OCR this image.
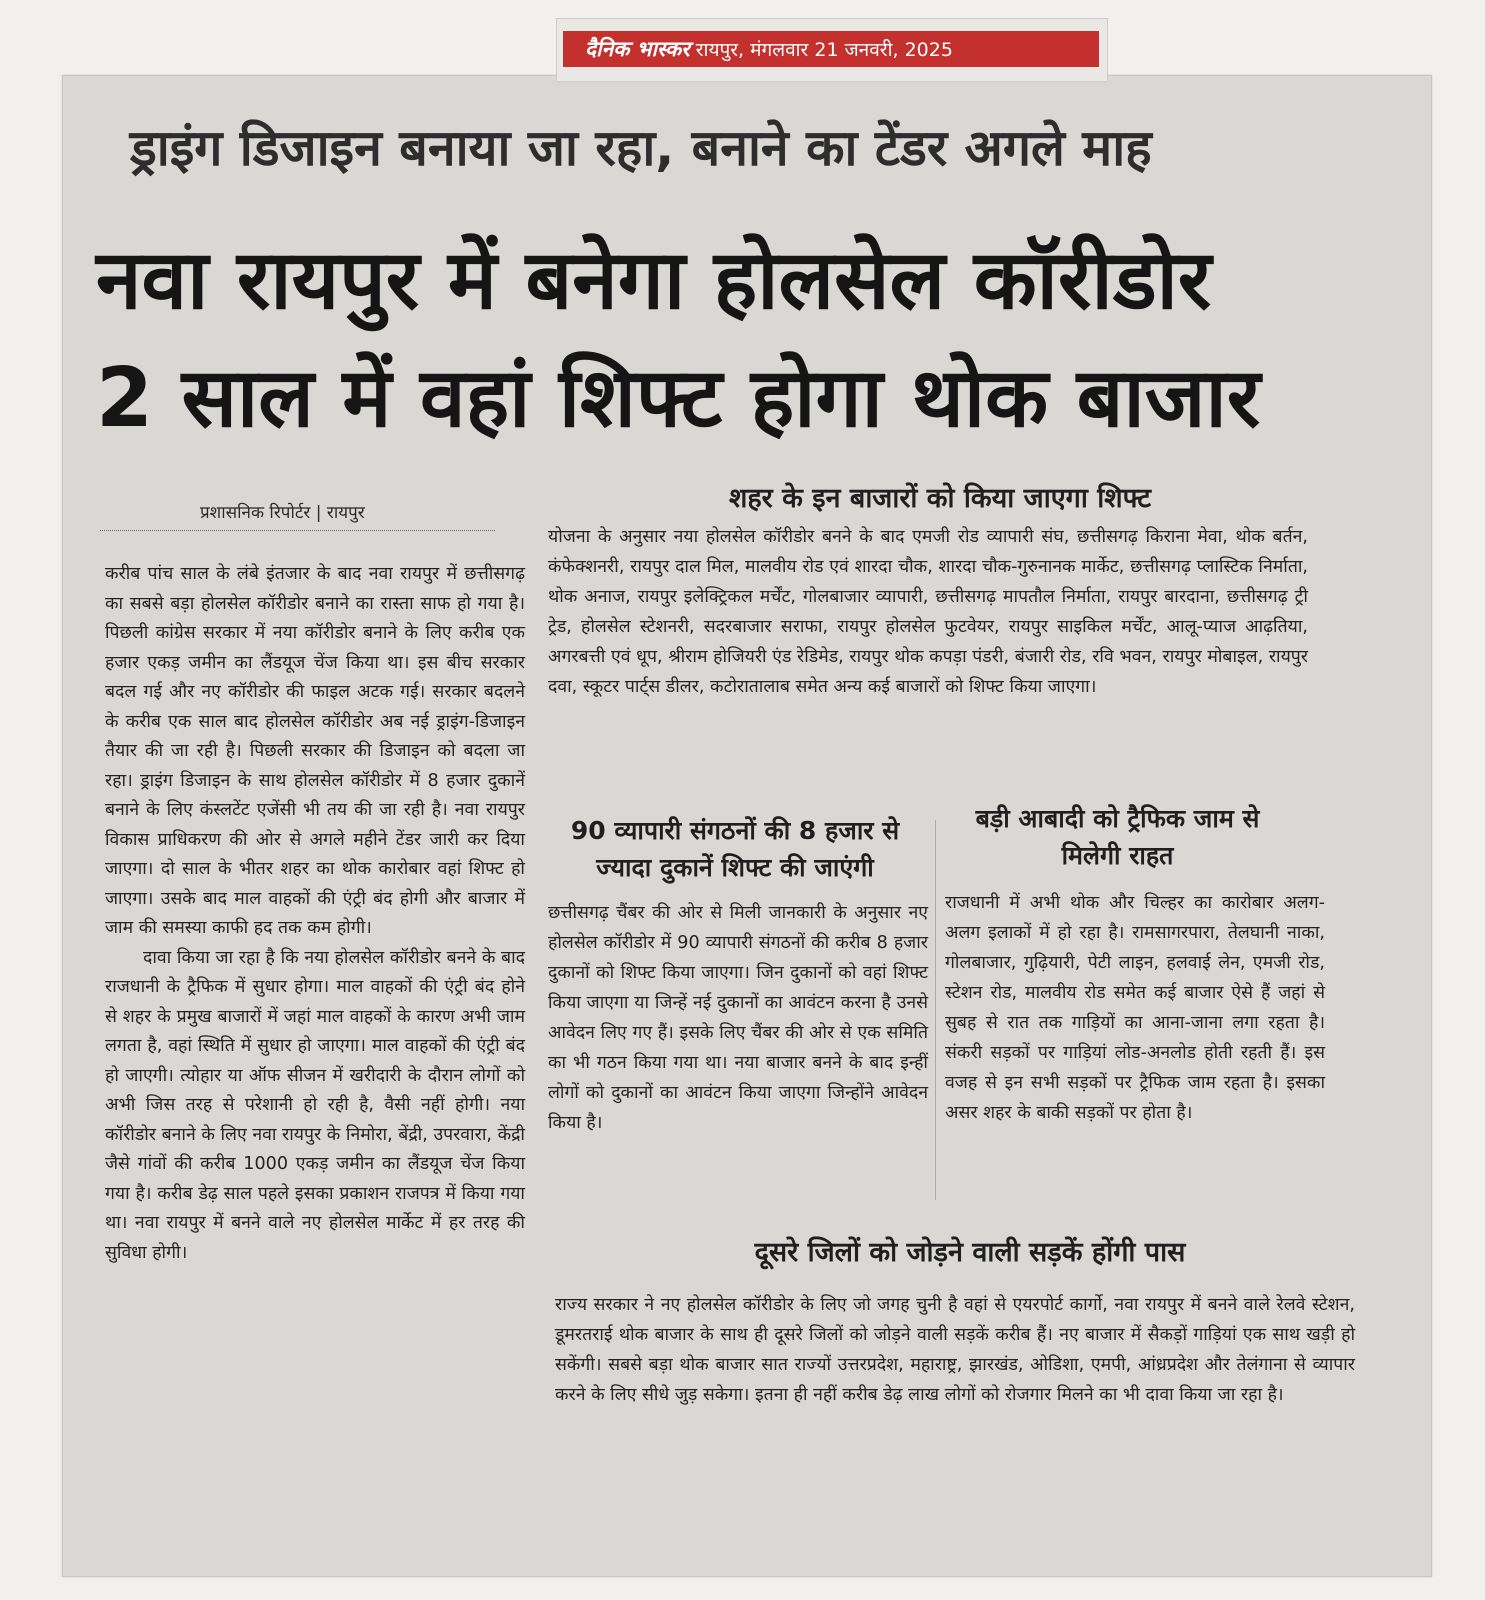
दैनिक भास्कर रायपुर, मंगलवार 21 जनवरी, 2025
ड्राइंग डिजाइन बनाया जा रहा, बनाने का टेंडर अगले माह
नवा रायपुर में बनेगा होलसेल कॉरीडोर
2 साल में वहां शिफ्ट होगा थोक बाजार
प्रशासनिक रिपोर्टर | रायपुर

करीब पांच साल के लंबे इंतजार के बाद नवा रायपुर में छत्तीसगढ़ का सबसे बड़ा होलसेल कॉरीडोर बनाने का रास्ता साफ हो गया है। पिछली कांग्रेस सरकार में नया कॉरीडोर बनाने के लिए करीब एक हजार एकड़ जमीन का लैंडयूज चेंज किया था। इस बीच सरकार बदल गई और नए कॉरीडोर की फाइल अटक गई। सरकार बदलने के करीब एक साल बाद होलसेल कॉरीडोर अब नई ड्राइंग-डिजाइन तैयार की जा रही है। पिछली सरकार की डिजाइन को बदला जा रहा। ड्राइंग डिजाइन के साथ होलसेल कॉरीडोर में 8 हजार दुकानें बनाने के लिए कंस्लटेंट एजेंसी भी तय की जा रही है। नवा रायपुर विकास प्राधिकरण की ओर से अगले महीने टेंडर जारी कर दिया जाएगा। दो साल के भीतर शहर का थोक कारोबार वहां शिफ्ट हो जाएगा। उसके बाद माल वाहकों की एंट्री बंद होगी और बाजार में जाम की समस्या काफी हद तक कम होगी।

दावा किया जा रहा है कि नया होलसेल कॉरीडोर बनने के बाद राजधानी के ट्रैफिक में सुधार होगा। माल वाहकों की एंट्री बंद होने से शहर के प्रमुख बाजारों में जहां माल वाहकों के कारण अभी जाम लगता है, वहां स्थिति में सुधार हो जाएगा। माल वाहकों की एंट्री बंद हो जाएगी। त्योहार या ऑफ सीजन में खरीदारी के दौरान लोगों को अभी जिस तरह से परेशानी हो रही है, वैसी नहीं होगी। नया कॉरीडोर बनाने के लिए नवा रायपुर के निमोरा, बेंद्री, उपरवारा, केंद्री जैसे गांवों की करीब 1000 एकड़ जमीन का लैंडयूज चेंज किया गया है। करीब डेढ़ साल पहले इसका प्रकाशन राजपत्र में किया गया था। नवा रायपुर में बनने वाले नए होलसेल मार्केट में हर तरह की सुविधा होगी।

शहर के इन बाजारों को किया जाएगा शिफ्ट
योजना के अनुसार नया होलसेल कॉरीडोर बनने के बाद एमजी रोड व्यापारी संघ, छत्तीसगढ़ किराना मेवा, थोक बर्तन, कंफेक्शनरी, रायपुर दाल मिल, मालवीय रोड एवं शारदा चौक, शारदा चौक-गुरुनानक मार्केट, छत्तीसगढ़ प्लास्टिक निर्माता, थोक अनाज, रायपुर इलेक्ट्रिकल मर्चेंट, गोलबाजार व्यापारी, छत्तीसगढ़ मापतौल निर्माता, रायपुर बारदाना, छत्तीसगढ़ ट्री ट्रेड, होलसेल स्टेशनरी, सदरबाजार सराफा, रायपुर होलसेल फुटवेयर, रायपुर साइकिल मर्चेंट, आलू-प्याज आढ़तिया, अगरबत्ती एवं धूप, श्रीराम होजियरी एंड रेडिमेड, रायपुर थोक कपड़ा पंडरी, बंजारी रोड, रवि भवन, रायपुर मोबाइल, रायपुर दवा, स्कूटर पार्ट्स डीलर, कटोरातालाब समेत अन्य कई बाजारों को शिफ्ट किया जाएगा।
90 व्यापारी संगठनों की 8 हजार से ज्यादा दुकानें शिफ्ट की जाएंगी
छत्तीसगढ़ चैंबर की ओर से मिली जानकारी के अनुसार नए होलसेल कॉरीडोर में 90 व्यापारी संगठनों की करीब 8 हजार दुकानों को शिफ्ट किया जाएगा। जिन दुकानों को वहां शिफ्ट किया जाएगा या जिन्हें नई दुकानों का आवंटन करना है उनसे आवेदन लिए गए हैं। इसके लिए चैंबर की ओर से एक समिति का भी गठन किया गया था। नया बाजार बनने के बाद इन्हीं लोगों को दुकानों का आवंटन किया जाएगा जिन्होंने आवेदन किया है।
बड़ी आबादी को ट्रैफिक जाम से मिलेगी राहत
राजधानी में अभी थोक और चिल्हर का कारोबार अलग-अलग इलाकों में हो रहा है। रामसागरपारा, तेलघानी नाका, गोलबाजार, गुढ़ियारी, पेटी लाइन, हलवाई लेन, एमजी रोड, स्टेशन रोड, मालवीय रोड समेत कई बाजार ऐसे हैं जहां से सुबह से रात तक गाड़ियों का आना-जाना लगा रहता है। संकरी सड़कों पर गाड़ियां लोड-अनलोड होती रहती हैं। इस वजह से इन सभी सड़कों पर ट्रैफिक जाम रहता है। इसका असर शहर के बाकी सड़कों पर होता है।
दूसरे जिलों को जोड़ने वाली सड़कें होंगी पास
राज्य सरकार ने नए होलसेल कॉरीडोर के लिए जो जगह चुनी है वहां से एयरपोर्ट कार्गो, नवा रायपुर में बनने वाले रेलवे स्टेशन, डूमरतराई थोक बाजार के साथ ही दूसरे जिलों को जोड़ने वाली सड़कें करीब हैं। नए बाजार में सैकड़ों गाड़ियां एक साथ खड़ी हो सकेंगी। सबसे बड़ा थोक बाजार सात राज्यों उत्तरप्रदेश, महाराष्ट्र, झारखंड, ओडिशा, एमपी, आंध्रप्रदेश और तेलंगाना से व्यापार करने के लिए सीधे जुड़ सकेगा। इतना ही नहीं करीब डेढ़ लाख लोगों को रोजगार मिलने का भी दावा किया जा रहा है।
